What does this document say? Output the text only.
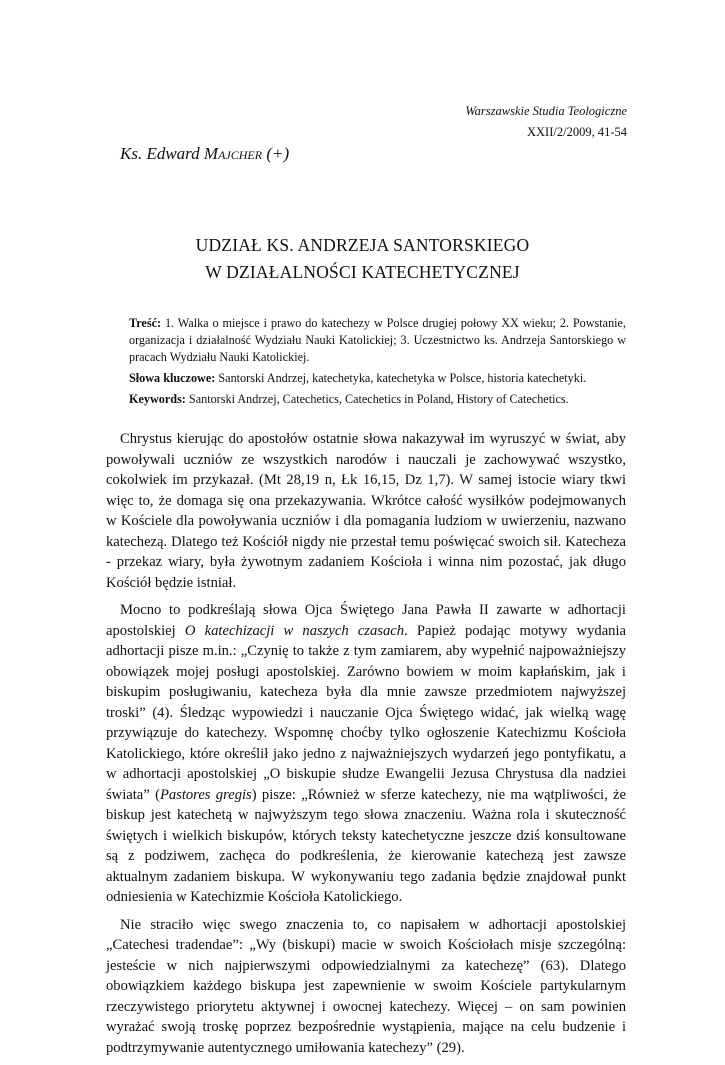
Warszawskie Studia Teologiczne
XXII/2/2009, 41-54
Ks. Edward Majcher (+)
UDZIAŁ KS. ANDRZEJA SANTORSKIEGO
W DZIAŁALNOŚCI KATECHETYCZNEJ

Treść: 1. Walka o miejsce i prawo do katechezy w Polsce drugiej połowy XX wieku; 2. Powstanie, organizacja i działalność Wydziału Nauki Katolickiej; 3. Uczestnictwo ks. Andrzeja Santorskiego w pracach Wydziału Nauki Katolickiej.

Słowa kluczowe: Santorski Andrzej, katechetyka, katechetyka w Polsce, historia katechetyki.

Keywords: Santorski Andrzej, Catechetics, Catechetics in Poland, History of Catechetics.

Chrystus kierując do apostołów ostatnie słowa nakazywał im wyruszyć w świat, aby powoływali uczniów ze wszystkich narodów i nauczali je zachowywać wszystko, cokolwiek im przykazał. (Mt 28,19 n, Łk 16,15, Dz 1,7). W samej istocie wiary tkwi więc to, że domaga się ona przekazywania. Wkrótce całość wysiłków podejmowanych w Kościele dla powoływania uczniów i dla pomagania ludziom w uwierzeniu, nazwano katechezą. Dlatego też Kościół nigdy nie przestał temu poświęcać swoich sił. Katecheza - przekaz wiary, była żywotnym zadaniem Kościoła i winna nim pozostać, jak długo Kościół będzie istniał.

Mocno to podkreślają słowa Ojca Świętego Jana Pawła II zawarte w adhortacji apostolskiej O katechizacji w naszych czasach. Papież podając motywy wydania adhortacji pisze m.in.: „Czynię to także z tym zamiarem, aby wypełnić najpoważniejszy obowiązek mojej posługi apostolskiej. Zarówno bowiem w moim kapłańskim, jak i biskupim posługiwaniu, katecheza była dla mnie zawsze przedmiotem najwyższej troski” (4). Śledząc wypowiedzi i nauczanie Ojca Świętego widać, jak wielką wagę przywiązuje do katechezy. Wspomnę choćby tylko ogłoszenie Katechizmu Kościoła Katolickiego, które określił jako jedno z najważniejszych wydarzeń jego pontyfikatu, a w adhortacji apostolskiej „O biskupie słudze Ewangelii Jezusa Chrystusa dla nadziei świata” (Pastores gregis) pisze: „Również w sferze katechezy, nie ma wątpliwości, że biskup jest katechetą w najwyższym tego słowa znaczeniu. Ważna rola i skuteczność świętych i wielkich biskupów, których teksty katechetyczne jeszcze dziś konsultowane są z podziwem, zachęca do podkreślenia, że kierowanie katechezą jest zawsze aktualnym zadaniem biskupa. W wykonywaniu tego zadania będzie znajdował punkt odniesienia w Katechizmie Kościoła Katolickiego.

Nie straciło więc swego znaczenia to, co napisałem w adhortacji apostolskiej „Catechesi tradendae”: „Wy (biskupi) macie w swoich Kościołach misje szczególną: jesteście w nich najpierwszymi odpowiedzialnymi za katechezę” (63). Dlatego obowiązkiem każdego biskupa jest zapewnienie w swoim Kościele partykularnym rzeczywistego priorytetu aktywnej i owocnej katechezy. Więcej – on sam powinien wyrażać swoją troskę poprzez bezpośrednie wystąpienia, mające na celu budzenie i podtrzymywanie autentycznego umiłowania katechezy” (29).
